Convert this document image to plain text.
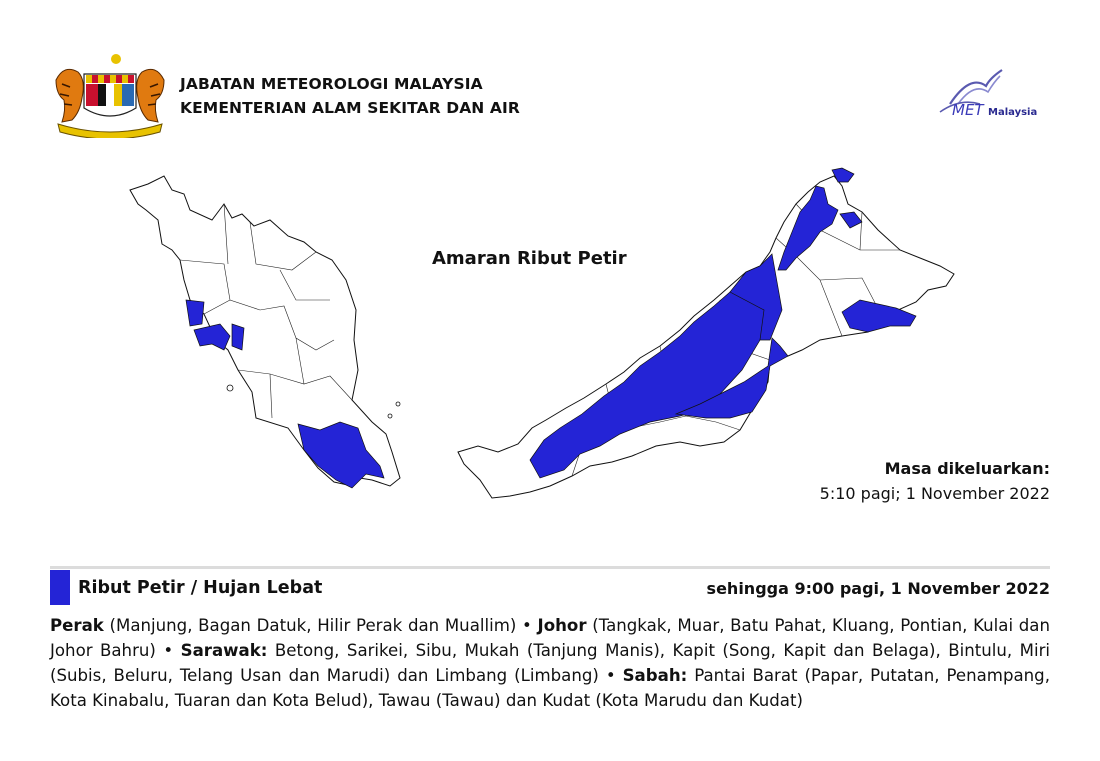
JABATAN METEOROLOGI MALAYSIA
KEMENTERIAN ALAM SEKITAR DAN AIR	MET Malaysia
Amaran Ribut Petir
Masa dikeluarkan:
5:10 pagi; 1 November 2022
Ribut Petir / Hujan Lebat	sehingga 9:00 pagi, 1 November 2022
Perak (Manjung, Bagan Datuk, Hilir Perak dan Muallim) • Johor (Tangkak, Muar, Batu Pahat, Kluang, Pontian, Kulai dan Johor Bahru) • Sarawak: Betong, Sarikei, Sibu, Mukah (Tanjung Manis), Kapit (Song, Kapit dan Belaga), Bintulu, Miri (Subis, Beluru, Telang Usan dan Marudi) dan Limbang (Limbang) • Sabah: Pantai Barat (Papar, Putatan, Penampang, Kota Kinabalu, Tuaran dan Kota Belud), Tawau (Tawau) dan Kudat (Kota Marudu dan Kudat)
